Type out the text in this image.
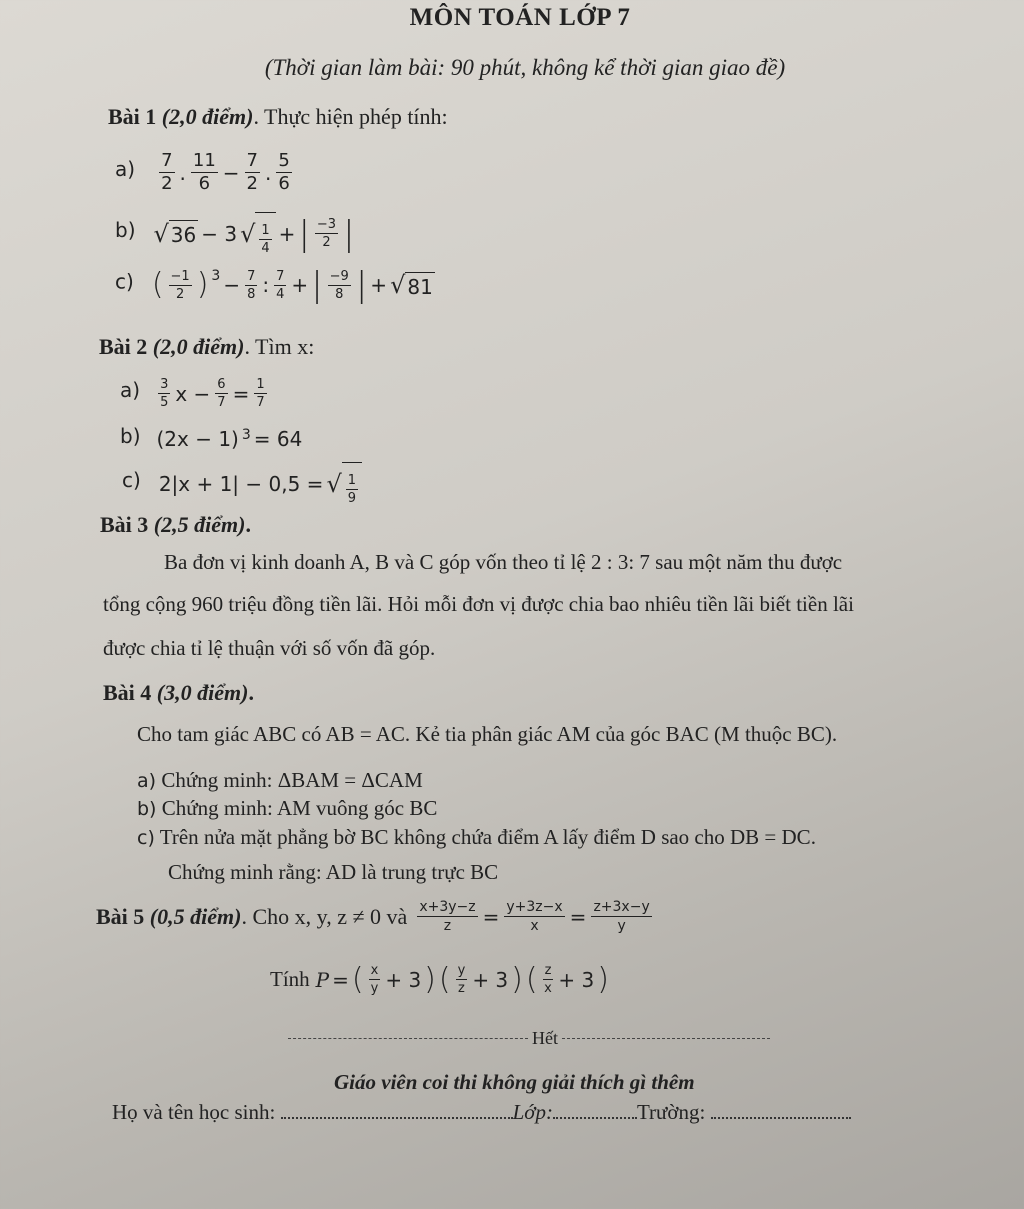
MÔN TOÁN LỚP 7
(Thời gian làm bài: 90 phút, không kể thời gian giao đề)
Bài 1 (2,0 điểm). Thực hiện phép tính:
$a) \frac{7}{2}$ . $\frac{11}{6} - \frac{7}{2}$ . $\frac{5}{6}$
b) √ 36 − 3 √ $\frac{1}{4}$ + | $\frac{-3}{2}$ |
c) ( $\frac{-1}{2} )^3 - \frac{7}{8}$ : $\frac{7}{4}$ + | $\frac{-9}{8}$ | + √ 81
Bài 2 (2,0 điểm). Tìm x:
$a) \frac{3}{5}$ $x - \frac{6}{7} = \frac{1}{7}$
b) (2x − 1) 3 = 64
c) 2|x + 1| − 0,5 = √ $\frac{1}{9}$
Bài 3 (2,5 điểm).
Ba đơn vị kinh doanh A, B và C góp vốn theo tỉ lệ 2 : 3: 7 sau một năm thu được
tổng cộng 960 triệu đồng tiền lãi. Hỏi mỗi đơn vị được chia bao nhiêu tiền lãi biết tiền lãi
được chia tỉ lệ thuận với số vốn đã góp.
Bài 4 (3,0 điểm).
Cho tam giác ABC có AB = AC. Kẻ tia phân giác AM của góc BAC (M thuộc BC).
a) Chứng minh: ΔBAM = ΔCAM
b) Chứng minh: AM vuông góc BC
c) Trên nửa mặt phẳng bờ BC không chứa điểm A lấy điểm D sao cho DB = DC.
Chứng minh rằng: AD là trung trực BC
Bài 5 (0,5 điểm). Cho x, y, z ≠ 0 và $\frac{x+3y-z}{z} = \frac{y+3z-x}{x} = \frac{z+3x-y}{y}$
Tính P = ( $\frac{x}{y} + 3$ ) ( $\frac{y}{z} + 3$ ) ( $\frac{z}{x} + 3$ )
Hết
Giáo viên coi thi không giải thích gì thêm
Họ và tên học sinh:	Lớp:	Trường:
